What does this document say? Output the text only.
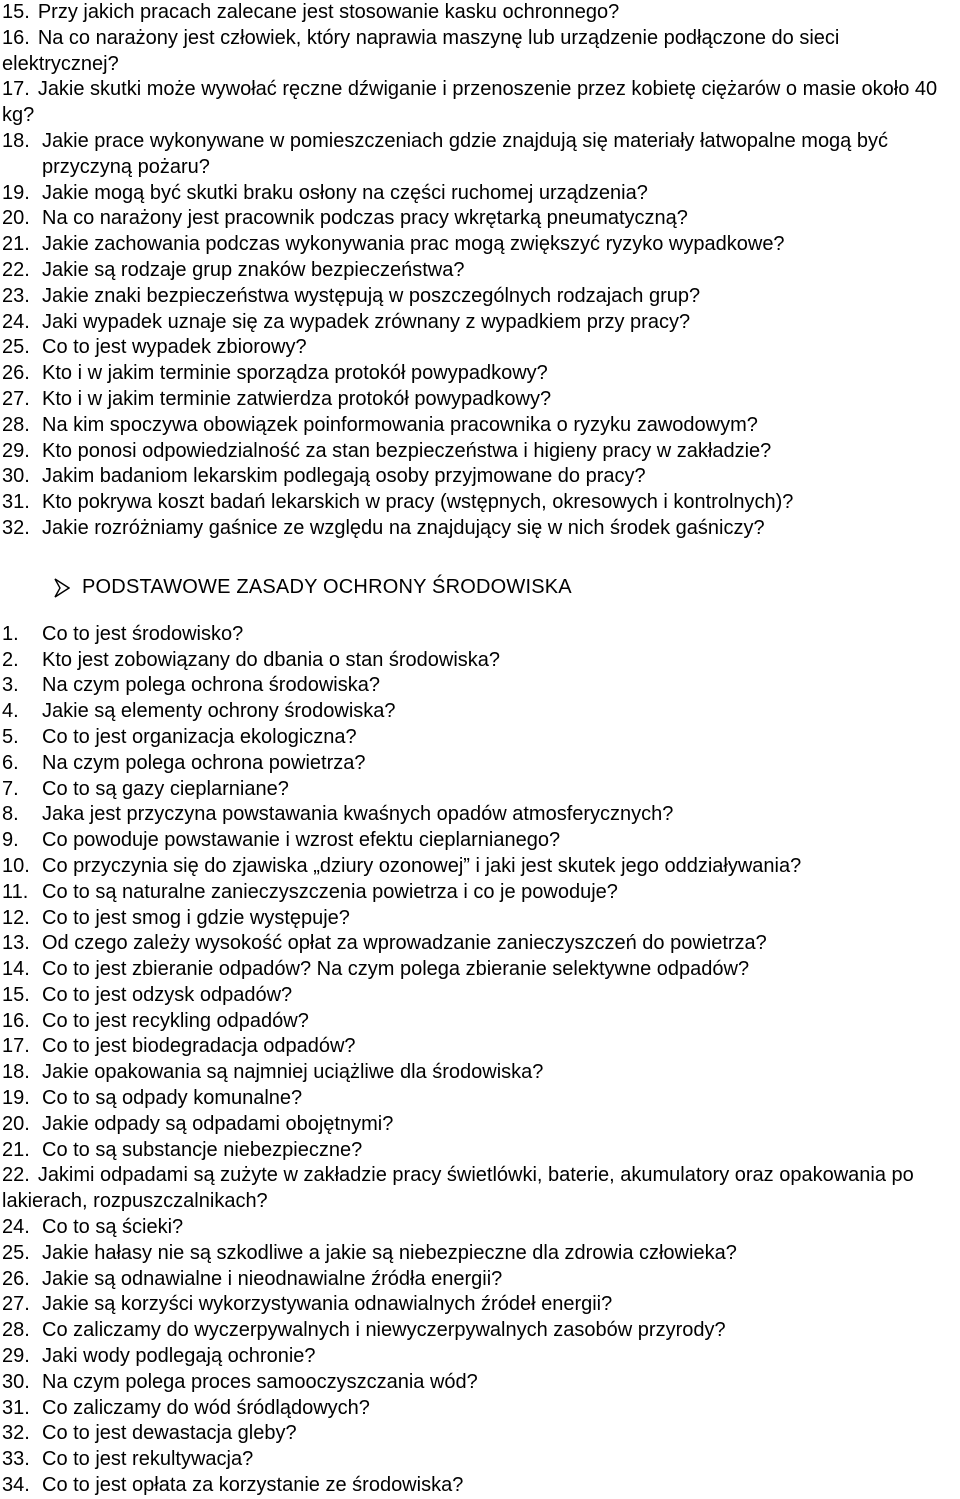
15. Przy jakich pracach zalecane jest stosowanie kasku ochronnego?
16. Na co narażony jest człowiek, który naprawia maszynę lub urządzenie podłączone do sieci elektrycznej?
17. Jakie skutki może wywołać ręczne dźwiganie i przenoszenie przez kobietę ciężarów o masie około 40 kg?
18. Jakie prace wykonywane w pomieszczeniach gdzie znajdują się materiały łatwopalne mogą być przyczyną pożaru?
19. Jakie mogą być skutki braku osłony na części ruchomej urządzenia?
20. Na co narażony jest pracownik podczas pracy wkrętarką pneumatyczną?
21. Jakie zachowania podczas wykonywania prac mogą zwiększyć ryzyko wypadkowe?
22. Jakie są rodzaje grup znaków bezpieczeństwa?
23. Jakie znaki bezpieczeństwa występują w poszczególnych rodzajach grup?
24. Jaki wypadek uznaje się za wypadek zrównany z wypadkiem przy pracy?
25. Co to jest wypadek zbiorowy?
26. Kto i w jakim terminie sporządza protokół powypadkowy?
27. Kto i w jakim terminie zatwierdza protokół powypadkowy?
28. Na kim spoczywa obowiązek poinformowania pracownika o ryzyku zawodowym?
29. Kto ponosi odpowiedzialność za stan bezpieczeństwa i higieny pracy w zakładzie?
30. Jakim badaniom lekarskim podlegają osoby przyjmowane do pracy?
31. Kto pokrywa koszt badań lekarskich w pracy (wstępnych, okresowych i kontrolnych)?
32. Jakie rozróżniamy gaśnice ze względu na znajdujący się w nich środek gaśniczy?
PODSTAWOWE ZASADY OCHRONY ŚRODOWISKA
1.	Co to jest środowisko?
2.	Kto jest zobowiązany do dbania o stan środowiska?
3.	Na czym polega ochrona środowiska?
4.	Jakie są elementy ochrony środowiska?
5.	Co to jest organizacja ekologiczna?
6.	Na czym polega ochrona powietrza?
7.	Co to są gazy cieplarniane?
8.	Jaka jest przyczyna powstawania kwaśnych opadów atmosferycznych?
9.	Co powoduje powstawanie i wzrost efektu cieplarnianego?
10. Co przyczynia się do zjawiska „dziury ozonowej” i jaki jest skutek jego oddziaływania?
11. Co to są naturalne zanieczyszczenia powietrza i co je powoduje?
12. Co to jest smog i gdzie występuje?
13. Od czego zależy wysokość opłat za wprowadzanie zanieczyszczeń do powietrza?
14. Co to jest zbieranie odpadów? Na czym polega zbieranie selektywne odpadów?
15. Co to jest odzysk odpadów?
16. Co to jest recykling odpadów?
17. Co to jest biodegradacja odpadów?
18. Jakie opakowania są najmniej uciążliwe dla środowiska?
19. Co to są odpady komunalne?
20. Jakie odpady są odpadami obojętnymi?
21. Co to są substancje niebezpieczne?
22. Jakimi odpadami są zużyte w zakładzie pracy świetlówki, baterie, akumulatory oraz opakowania po lakierach, rozpuszczalnikach?
24. Co to są ścieki?
25. Jakie hałasy nie są szkodliwe a jakie są niebezpieczne dla zdrowia człowieka?
26. Jakie są odnawialne i nieodnawialne źródła energii?
27. Jakie są korzyści wykorzystywania odnawialnych źródeł energii?
28. Co zaliczamy do wyczerpywalnych i niewyczerpywalnych zasobów przyrody?
29. Jaki wody podlegają ochronie?
30. Na czym polega proces samooczyszczania wód?
31. Co zaliczamy do wód śródlądowych?
32. Co to jest dewastacja gleby?
33. Co to jest rekultywacja?
34. Co to jest opłata za korzystanie ze środowiska?
